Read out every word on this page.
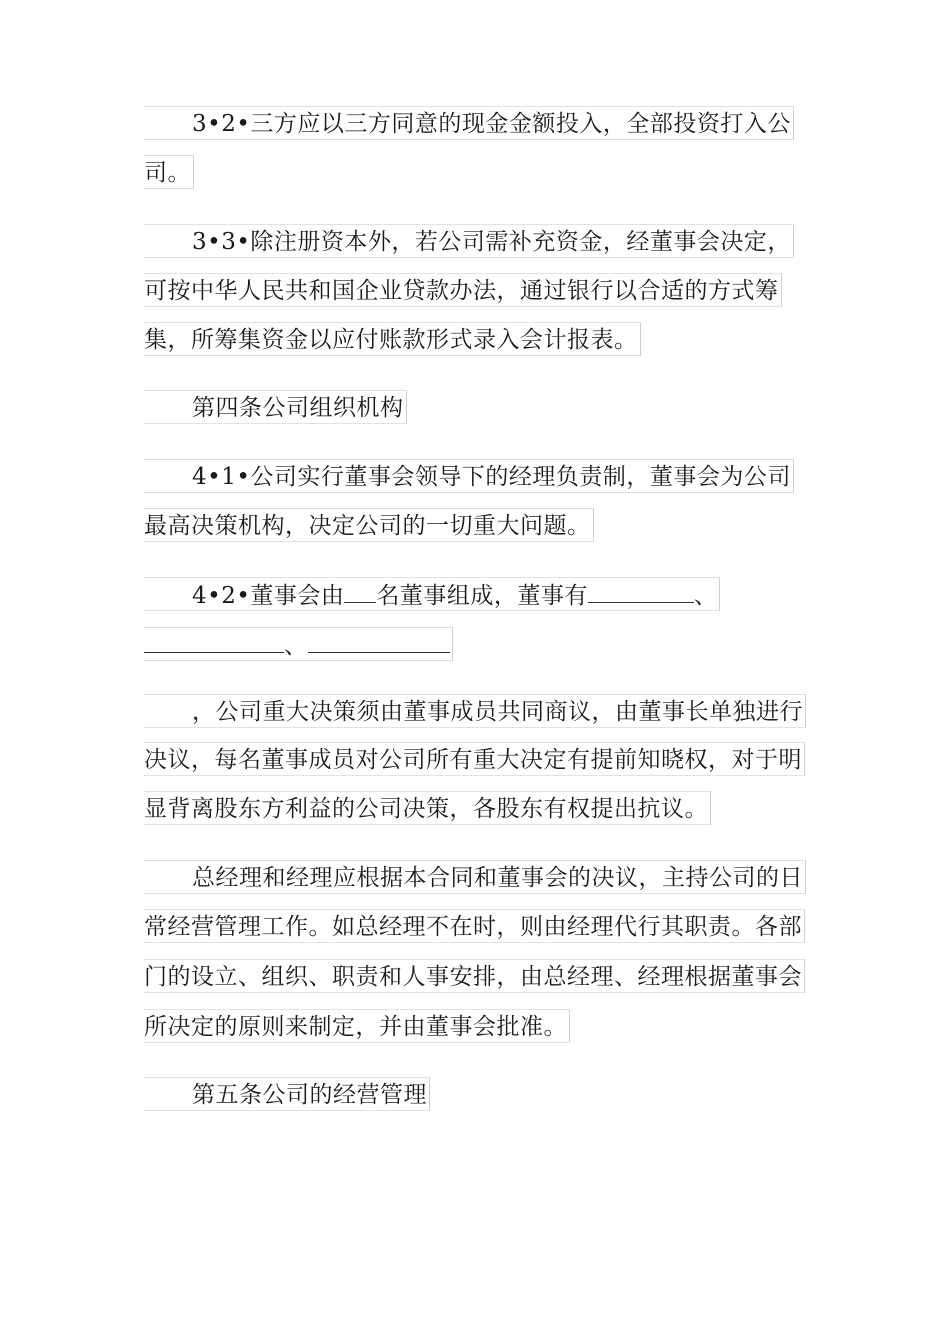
3•2•三方应以三方同意的现金金额投入，全部投资打入公
司。
3•3•除注册资本外，若公司需补充资金，经董事会决定，
可按中华人民共和国企业贷款办法，通过银行以合适的方式筹
集，所筹集资金以应付账款形式录入会计报表。
第四条公司组织机构
4•1•公司实行董事会领导下的经理负责制，董事会为公司
最高决策机构，决定公司的一切重大问题。
4•2•董事会由 名董事组成，董事有	、
、
，公司重大决策须由董事成员共同商议，由董事长单独进行
决议，每名董事成员对公司所有重大决定有提前知晓权，对于明
显背离股东方利益的公司决策，各股东有权提出抗议。
总经理和经理应根据本合同和董事会的决议，主持公司的日
常经营管理工作。如总经理不在时，则由经理代行其职责。各部
门的设立、组织、职责和人事安排，由总经理、经理根据董事会
所决定的原则来制定，并由董事会批准。
第五条公司的经营管理
